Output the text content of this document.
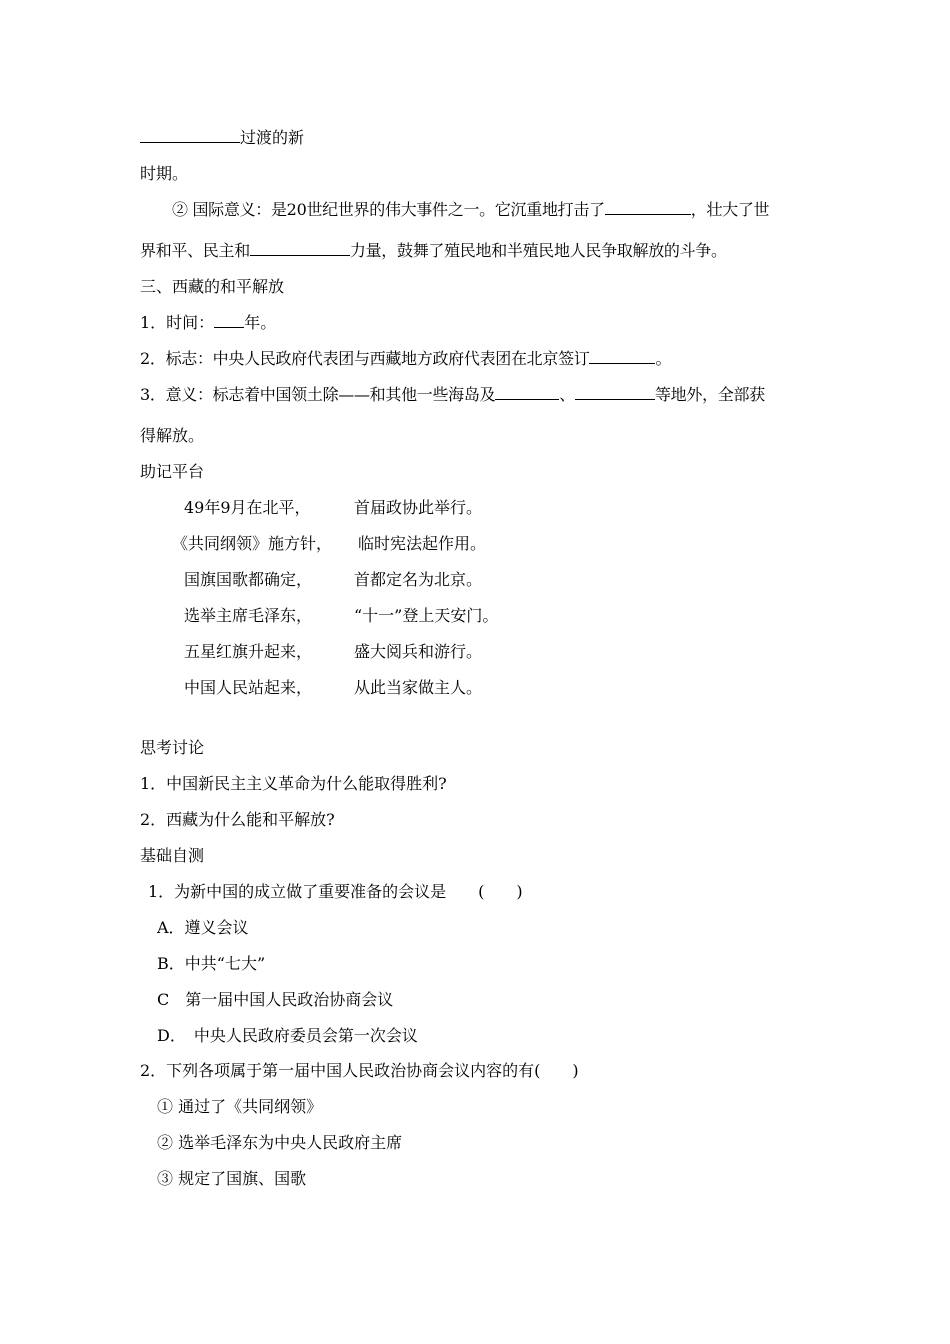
过渡的新
时期。
② 国际意义：是20世纪世界的伟大事件之一。它沉重地打击了	，壮大了世
界和平、民主和	力量，鼓舞了殖民地和半殖民地人民争取解放的斗争。
三、西藏的和平解放
1．时间： 年。
2．标志：中央人民政府代表团与西藏地方政府代表团在北京签订	。
3．意义：标志着中国领土除——和其他一些海岛及	、	等地外，全部获
得解放。
助记平台
49年9月在北平，	首届政协此举行。
《共同纲领》施方针， 临时宪法起作用。
国旗国歌都确定，	首都定名为北京。
选举主席毛泽东，	“十一”登上天安门。
五星红旗升起来，	盛大阅兵和游行。
中国人民站起来，	从此当家做主人。
思考讨论
1．中国新民主主义革命为什么能取得胜利?
2．西藏为什么能和平解放?
基础自测
1．为新中国的成立做了重要准备的会议是　　(　　)
A．遵义会议
B．中共“七大”
C　第一届中国人民政治协商会议
D．　中央人民政府委员会第一次会议
2．下列各项属于第一届中国人民政治协商会议内容的有(　　)
① 通过了《共同纲领》
② 选举毛泽东为中央人民政府主席
③ 规定了国旗、国歌
